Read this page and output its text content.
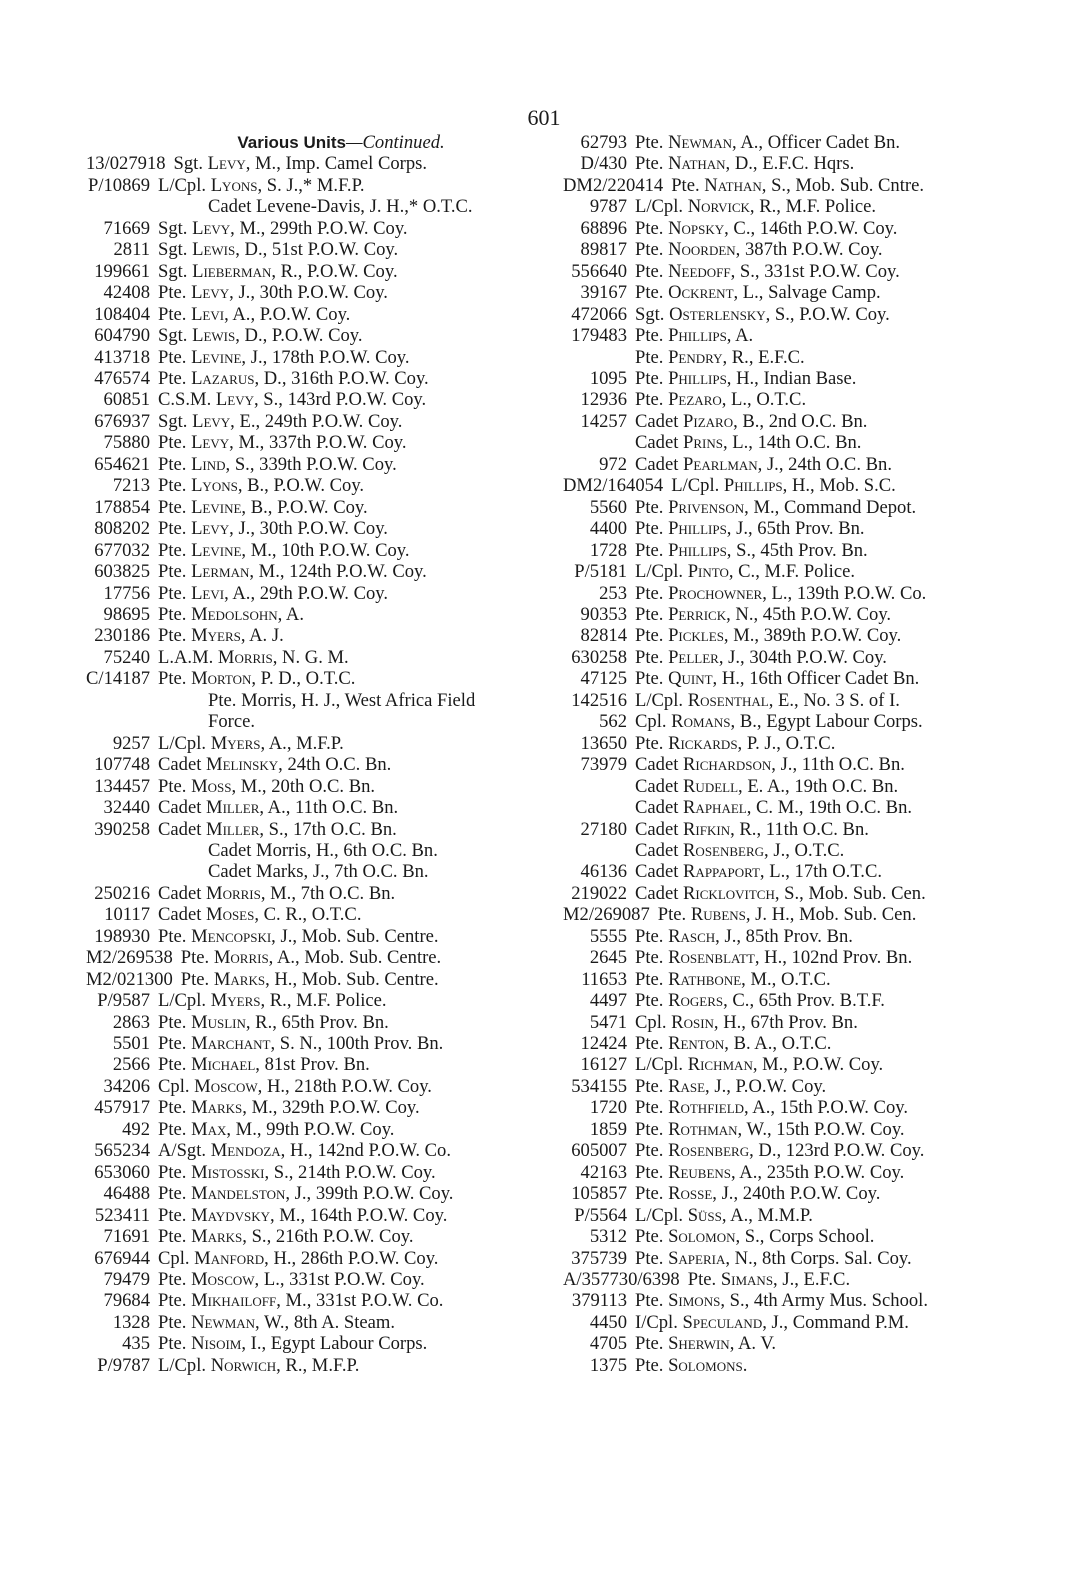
601
Various Units—Continued.
13/027918 Sgt. Levy, M., Imp. Camel Corps.
P/10869 L/Cpl. Lyons, S. J.,* M.F.P.
Cadet Levene-Davis, J. H.,* O.T.C.
71669 Sgt. Levy, M., 299th P.O.W. Coy.
2811 Sgt. Lewis, D., 51st P.O.W. Coy.
199661 Sgt. Lieberman, R., P.O.W. Coy.
42408 Pte. Levy, J., 30th P.O.W. Coy.
108404 Pte. Levi, A., P.O.W. Coy.
604790 Sgt. Lewis, D., P.O.W. Coy.
413718 Pte. Levine, J., 178th P.O.W. Coy.
476574 Pte. Lazarus, D., 316th P.O.W. Coy.
60851 C.S.M. Levy, S., 143rd P.O.W. Coy.
676937 Sgt. Levy, E., 249th P.O.W. Coy.
75880 Pte. Levy, M., 337th P.O.W. Coy.
654621 Pte. Lind, S., 339th P.O.W. Coy.
7213 Pte. Lyons, B., P.O.W. Coy.
178854 Pte. Levine, B., P.O.W. Coy.
808202 Pte. Levy, J., 30th P.O.W. Coy.
677032 Pte. Levine, M., 10th P.O.W. Coy.
603825 Pte. Lerman, M., 124th P.O.W. Coy.
17756 Pte. Levi, A., 29th P.O.W. Coy.
98695 Pte. Medolsohn, A.
230186 Pte. Myers, A. J.
75240 L.A.M. Morris, N. G. M.
C/14187 Pte. Morton, P. D., O.T.C.
Pte. Morris, H. J., West Africa Field
Force.
9257 L/Cpl. Myers, A., M.F.P.
107748 Cadet Melinsky, 24th O.C. Bn.
134457 Pte. Moss, M., 20th O.C. Bn.
32440 Cadet Miller, A., 11th O.C. Bn.
390258 Cadet Miller, S., 17th O.C. Bn.
Cadet Morris, H., 6th O.C. Bn.
Cadet Marks, J., 7th O.C. Bn.
250216 Cadet Morris, M., 7th O.C. Bn.
10117 Cadet Moses, C. R., O.T.C.
198930 Pte. Mencopski, J., Mob. Sub. Centre.
M2/269538 Pte. Morris, A., Mob. Sub. Centre.
M2/021300 Pte. Marks, H., Mob. Sub. Centre.
P/9587 L/Cpl. Myers, R., M.F. Police.
2863 Pte. Muslin, R., 65th Prov. Bn.
5501 Pte. Marchant, S. N., 100th Prov. Bn.
2566 Pte. Michael, 81st Prov. Bn.
34206 Cpl. Moscow, H., 218th P.O.W. Coy.
457917 Pte. Marks, M., 329th P.O.W. Coy.
492 Pte. Max, M., 99th P.O.W. Coy.
565234 A/Sgt. Mendoza, H., 142nd P.O.W. Co.
653060 Pte. Mistosski, S., 214th P.O.W. Coy.
46488 Pte. Mandelston, J., 399th P.O.W. Coy.
523411 Pte. Maydvsky, M., 164th P.O.W. Coy.
71691 Pte. Marks, S., 216th P.O.W. Coy.
676944 Cpl. Manford, H., 286th P.O.W. Coy.
79479 Pte. Moscow, L., 331st P.O.W. Coy.
79684 Pte. Mikhailoff, M., 331st P.O.W. Co.
1328 Pte. Newman, W., 8th A. Steam.
435 Pte. Nisoim, I., Egypt Labour Corps.
P/9787 L/Cpl. Norwich, R., M.F.P.
62793 Pte. Newman, A., Officer Cadet Bn.
D/430 Pte. Nathan, D., E.F.C. Hqrs.
DM2/220414 Pte. Nathan, S., Mob. Sub. Cntre.
9787 L/Cpl. Norvick, R., M.F. Police.
68896 Pte. Nopsky, C., 146th P.O.W. Coy.
89817 Pte. Noorden, 387th P.O.W. Coy.
556640 Pte. Needoff, S., 331st P.O.W. Coy.
39167 Pte. Ockrent, L., Salvage Camp.
472066 Sgt. Osterlensky, S., P.O.W. Coy.
179483 Pte. Phillips, A.
Pte. Pendry, R., E.F.C.
1095 Pte. Phillips, H., Indian Base.
12936 Pte. Pezaro, L., O.T.C.
14257 Cadet Pizaro, B., 2nd O.C. Bn.
Cadet Prins, L., 14th O.C. Bn.
972 Cadet Pearlman, J., 24th O.C. Bn.
DM2/164054 L/Cpl. Phillips, H., Mob. S.C.
5560 Pte. Privenson, M., Command Depot.
4400 Pte. Phillips, J., 65th Prov. Bn.
1728 Pte. Phillips, S., 45th Prov. Bn.
P/5181 L/Cpl. Pinto, C., M.F. Police.
253 Pte. Prochowner, L., 139th P.O.W. Co.
90353 Pte. Perrick, N., 45th P.O.W. Coy.
82814 Pte. Pickles, M., 389th P.O.W. Coy.
630258 Pte. Peller, J., 304th P.O.W. Coy.
47125 Pte. Quint, H., 16th Officer Cadet Bn.
142516 L/Cpl. Rosenthal, E., No. 3 S. of I.
562 Cpl. Romans, B., Egypt Labour Corps.
13650 Pte. Rickards, P. J., O.T.C.
73979 Cadet Richardson, J., 11th O.C. Bn.
Cadet Rudell, E. A., 19th O.C. Bn.
Cadet Raphael, C. M., 19th O.C. Bn.
27180 Cadet Rifkin, R., 11th O.C. Bn.
Cadet Rosenberg, J., O.T.C.
46136 Cadet Rappaport, L., 17th O.T.C.
219022 Cadet Ricklovitch, S., Mob. Sub. Cen.
M2/269087 Pte. Rubens, J. H., Mob. Sub. Cen.
5555 Pte. Rasch, J., 85th Prov. Bn.
2645 Pte. Rosenblatt, H., 102nd Prov. Bn.
11653 Pte. Rathbone, M., O.T.C.
4497 Pte. Rogers, C., 65th Prov. B.T.F.
5471 Cpl. Rosin, H., 67th Prov. Bn.
12424 Pte. Renton, B. A., O.T.C.
16127 L/Cpl. Richman, M., P.O.W. Coy.
534155 Pte. Rase, J., P.O.W. Coy.
1720 Pte. Rothfield, A., 15th P.O.W. Coy.
1859 Pte. Rothman, W., 15th P.O.W. Coy.
605007 Pte. Rosenberg, D., 123rd P.O.W. Coy.
42163 Pte. Reubens, A., 235th P.O.W. Coy.
105857 Pte. Rosse, J., 240th P.O.W. Coy.
P/5564 L/Cpl. Süss, A., M.M.P.
5312 Pte. Solomon, S., Corps School.
375739 Pte. Saperia, N., 8th Corps. Sal. Coy.
A/357730/6398 Pte. Simans, J., E.F.C.
379113 Pte. Simons, S., 4th Army Mus. School.
4450 I/Cpl. Speculand, J., Command P.M.
4705 Pte. Sherwin, A. V.
1375 Pte. Solomons.
